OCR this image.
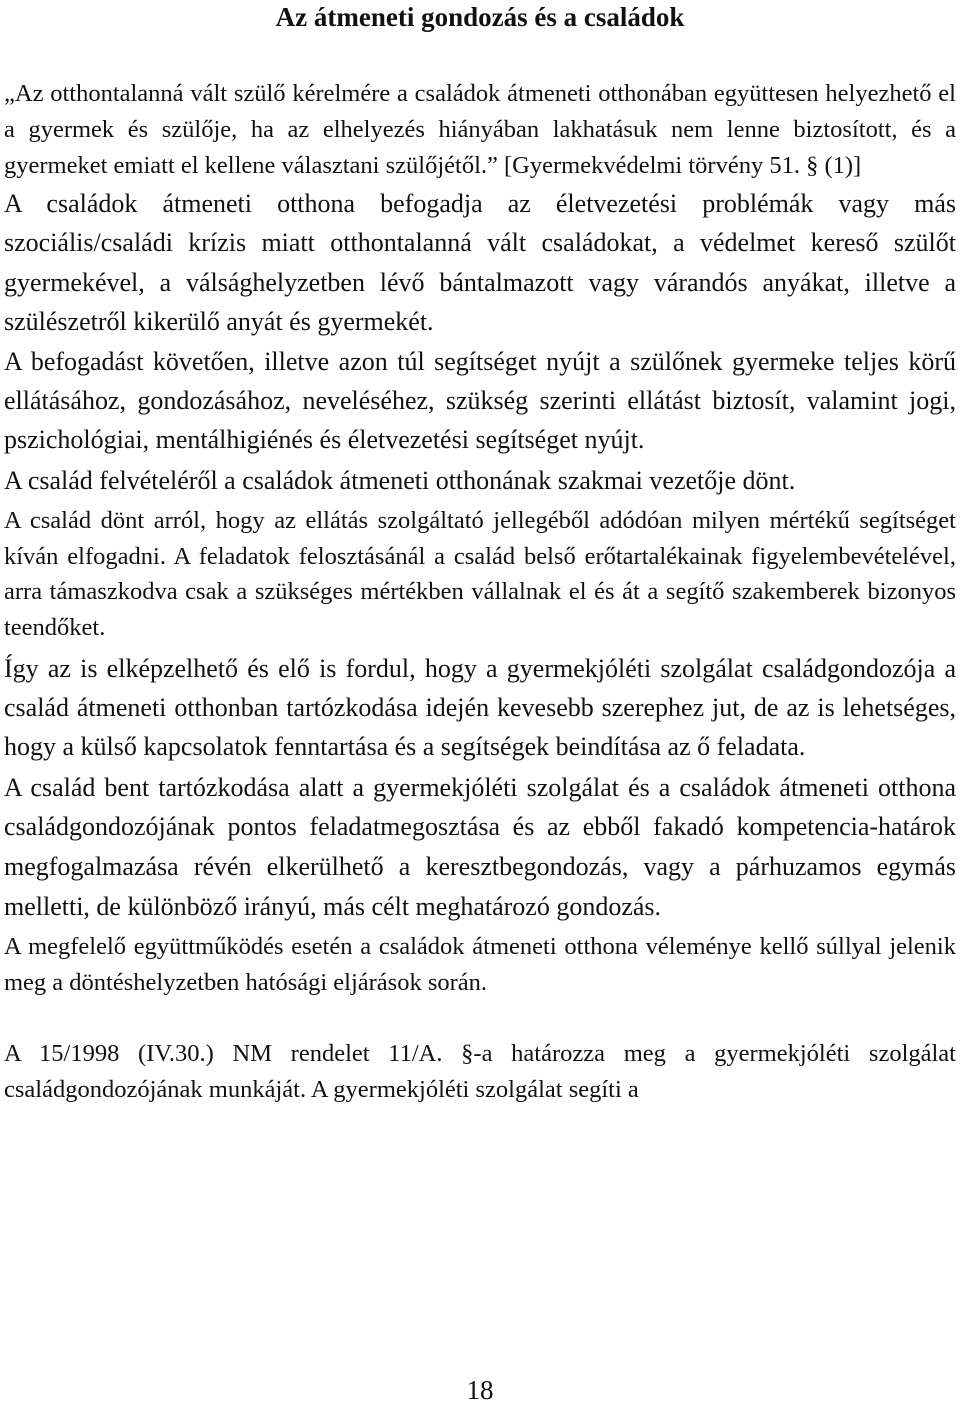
Az átmeneti gondozás és a családok

„Az otthontalanná vált szülő kérelmére a családok átmeneti otthonában együttesen helyezhető el a gyermek és szülője, ha az elhelyezés hiányában lakhatásuk nem lenne biztosított, és a gyermeket emiatt el kellene választani szülőjétől.” [Gyermekvédelmi törvény 51. § (1)]

A családok átmeneti otthona befogadja az életvezetési problémák vagy más szociális/családi krízis miatt otthontalanná vált családokat, a védelmet kereső szülőt gyermekével, a válsághelyzetben lévő bántalmazott vagy várandós anyákat, illetve a szülészetről kikerülő anyát és gyermekét.

A befogadást követően, illetve azon túl segítséget nyújt a szülőnek gyermeke teljes körű ellátásához, gondozásához, neveléséhez, szükség szerinti ellátást biztosít, valamint jogi, pszichológiai, mentálhigiénés és életvezetési segítséget nyújt.

A család felvételéről a családok átmeneti otthonának szakmai vezetője dönt.

A család dönt arról, hogy az ellátás szolgáltató jellegéből adódóan milyen mértékű segítséget kíván elfogadni. A feladatok felosztásánál a család belső erőtartalékainak figyelembevételével, arra támaszkodva csak a szükséges mértékben vállalnak el és át a segítő szakemberek bizonyos teendőket.

Így az is elképzelhető és elő is fordul, hogy a gyermekjóléti szolgálat családgondozója a család átmeneti otthonban tartózkodása idején kevesebb szerephez jut, de az is lehetséges, hogy a külső kapcsolatok fenntartása és a segítségek beindítása az ő feladata.

A család bent tartózkodása alatt a gyermekjóléti szolgálat és a családok átmeneti otthona családgondozójának pontos feladatmegosztása és az ebből fakadó kompetencia-határok megfogalmazása révén elkerülhető a keresztbegondozás, vagy a párhuzamos egymás melletti, de különböző irányú, más célt meghatározó gondozás.

A megfelelő együttműködés esetén a családok átmeneti otthona véleménye kellő súllyal jelenik meg a döntéshelyzetben hatósági eljárások során.

A 15/1998 (IV.30.) NM rendelet 11/A. §-a határozza meg a gyermekjóléti szolgálat családgondozójának munkáját. A gyermekjóléti szolgálat segíti a

18
